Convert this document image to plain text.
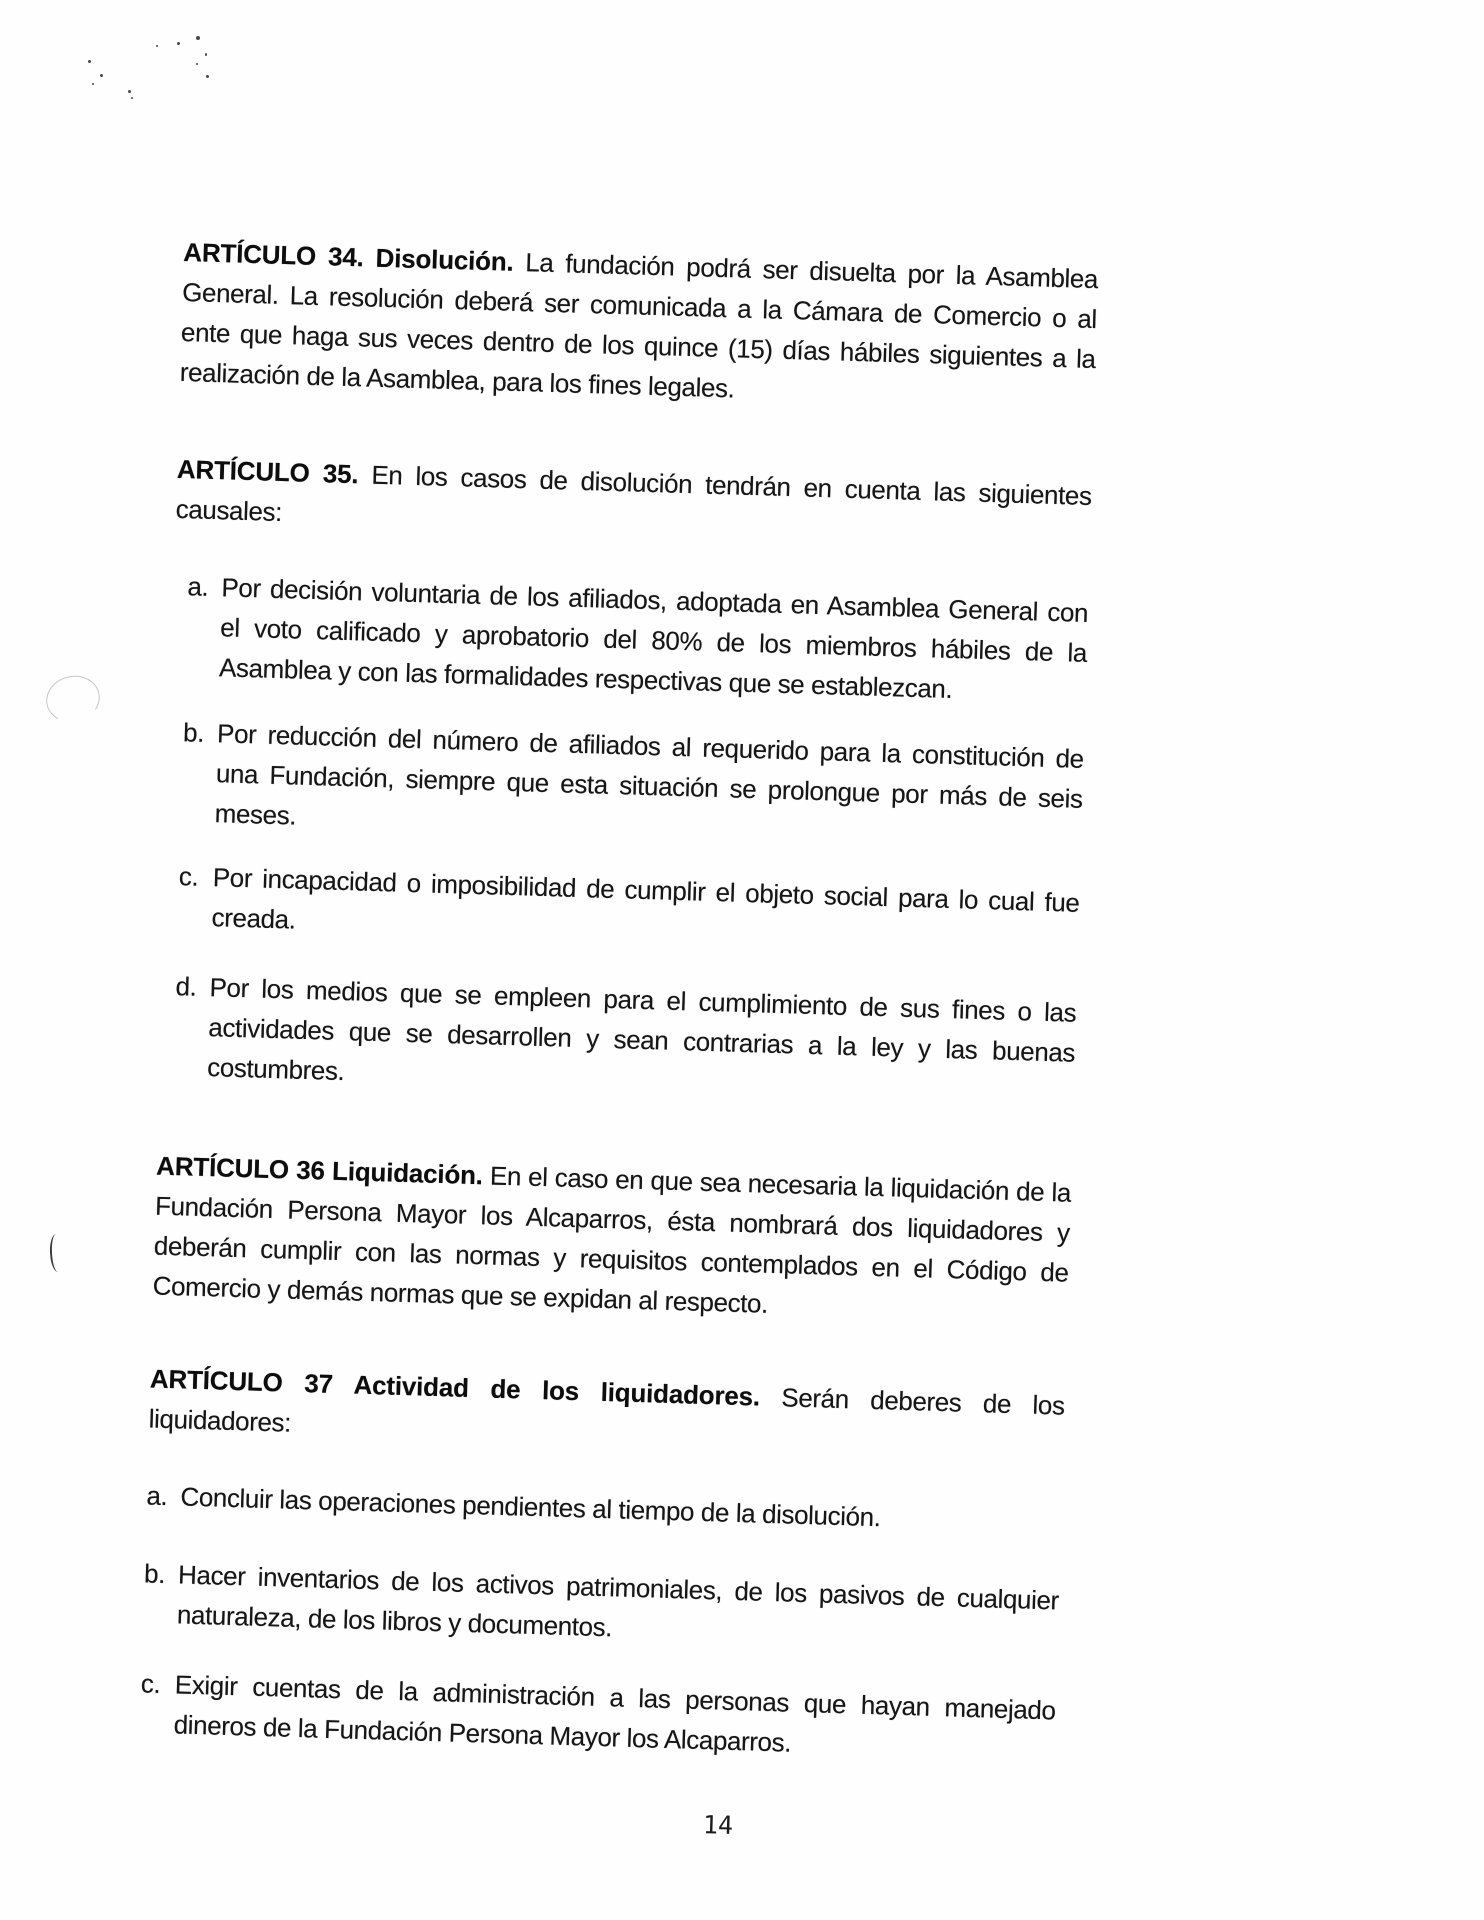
ARTÍCULO 34. Disolución. La fundación podrá ser disuelta por la Asamblea General. La resolución deberá ser comunicada a la Cámara de Comercio o al ente que haga sus veces dentro de los quince (15) días hábiles siguientes a la realización de la Asamblea, para los fines legales.

ARTÍCULO 35. En los casos de disolución tendrán en cuenta las siguientes causales:

a. Por decisión voluntaria de los afiliados, adoptada en Asamblea General con el voto calificado y aprobatorio del 80% de los miembros hábiles de la Asamblea y con las formalidades respectivas que se establezcan.
b. Por reducción del número de afiliados al requerido para la constitución de una Fundación, siempre que esta situación se prolongue por más de seis meses.
c. Por incapacidad o imposibilidad de cumplir el objeto social para lo cual fue creada.
d. Por los medios que se empleen para el cumplimiento de sus fines o las actividades que se desarrollen y sean contrarias a la ley y las buenas costumbres.

ARTÍCULO 36 Liquidación. En el caso en que sea necesaria la liquidación de la Fundación Persona Mayor los Alcaparros, ésta nombrará dos liquidadores y deberán cumplir con las normas y requisitos contemplados en el Código de Comercio y demás normas que se expidan al respecto.

ARTÍCULO 37 Actividad de los liquidadores. Serán deberes de los liquidadores:

a. Concluir las operaciones pendientes al tiempo de la disolución.
b. Hacer inventarios de los activos patrimoniales, de los pasivos de cualquier naturaleza, de los libros y documentos.
c. Exigir cuentas de la administración a las personas que hayan manejado dineros de la Fundación Persona Mayor los Alcaparros.
14
